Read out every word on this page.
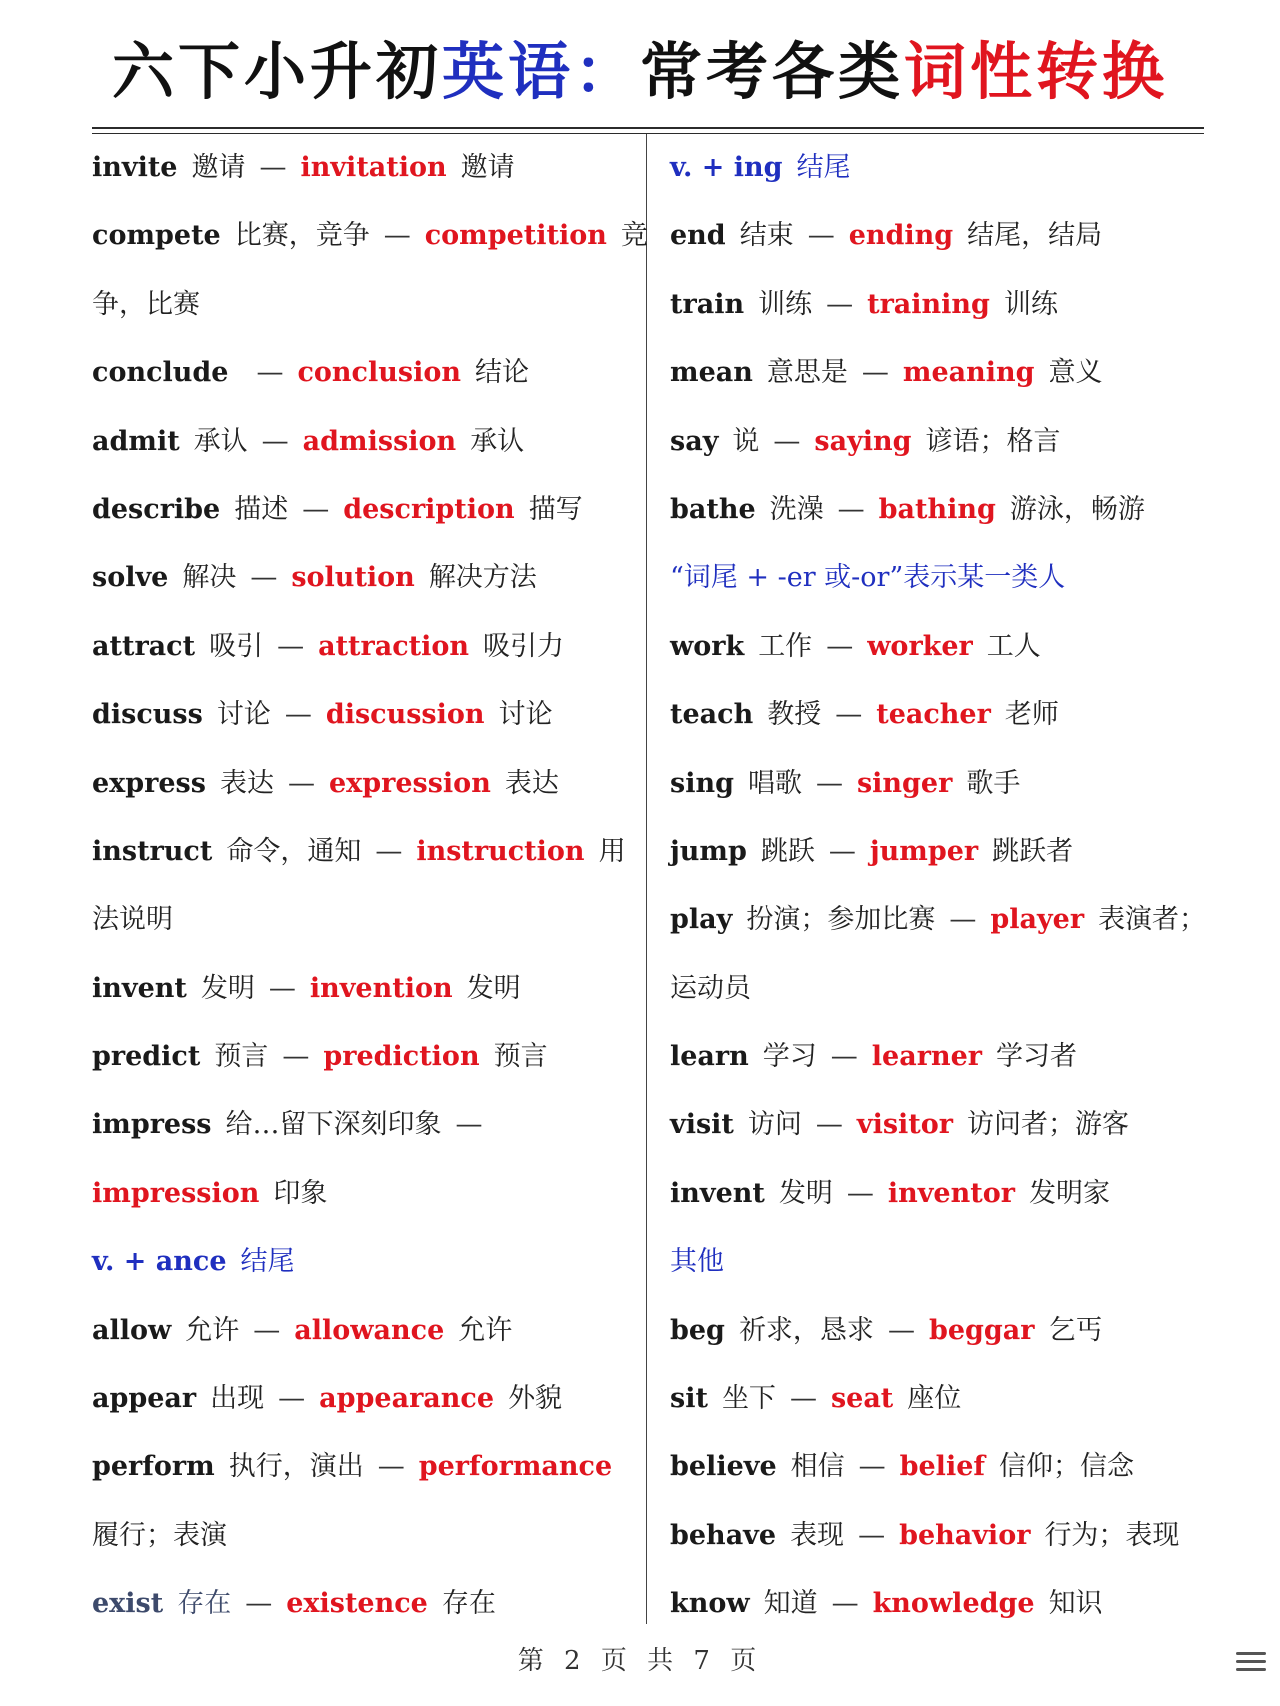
六下小升初英语：常考各类词性转换
invite 邀请 — invitation 邀请
compete 比赛，竞争 — competition 竞
争，比赛
conclude — conclusion 结论
admit 承认 — admission 承认
describe 描述 — description 描写
solve 解决 — solution 解决方法
attract 吸引 — attraction 吸引力
discuss 讨论 — discussion 讨论
express 表达 — expression 表达
instruct 命令，通知 — instruction 用
法说明
invent 发明 — invention 发明
predict 预言 — prediction 预言
impress 给…留下深刻印象 —
impression 印象
v. + ance 结尾
allow 允许 — allowance 允许
appear 出现 — appearance 外貌
perform 执行，演出 — performance
履行；表演
exist 存在 — existence 存在
v. + ing 结尾
end 结束 — ending 结尾，结局
train 训练 — training 训练
mean 意思是 — meaning 意义
say 说 — saying 谚语；格言
bathe 洗澡 — bathing 游泳，畅游
“词尾 + -er 或-or”表示某一类人
work 工作 — worker 工人
teach 教授 — teacher 老师
sing 唱歌 — singer 歌手
jump 跳跃 — jumper 跳跃者
play 扮演；参加比赛 — player 表演者；
运动员
learn 学习 — learner 学习者
visit 访问 — visitor 访问者；游客
invent 发明 — inventor 发明家
其他
beg 祈求，恳求 — beggar 乞丐
sit 坐下 — seat 座位
believe 相信 — belief 信仰；信念
behave 表现 — behavior 行为；表现
know 知道 — knowledge 知识
第 2 页 共 7 页
